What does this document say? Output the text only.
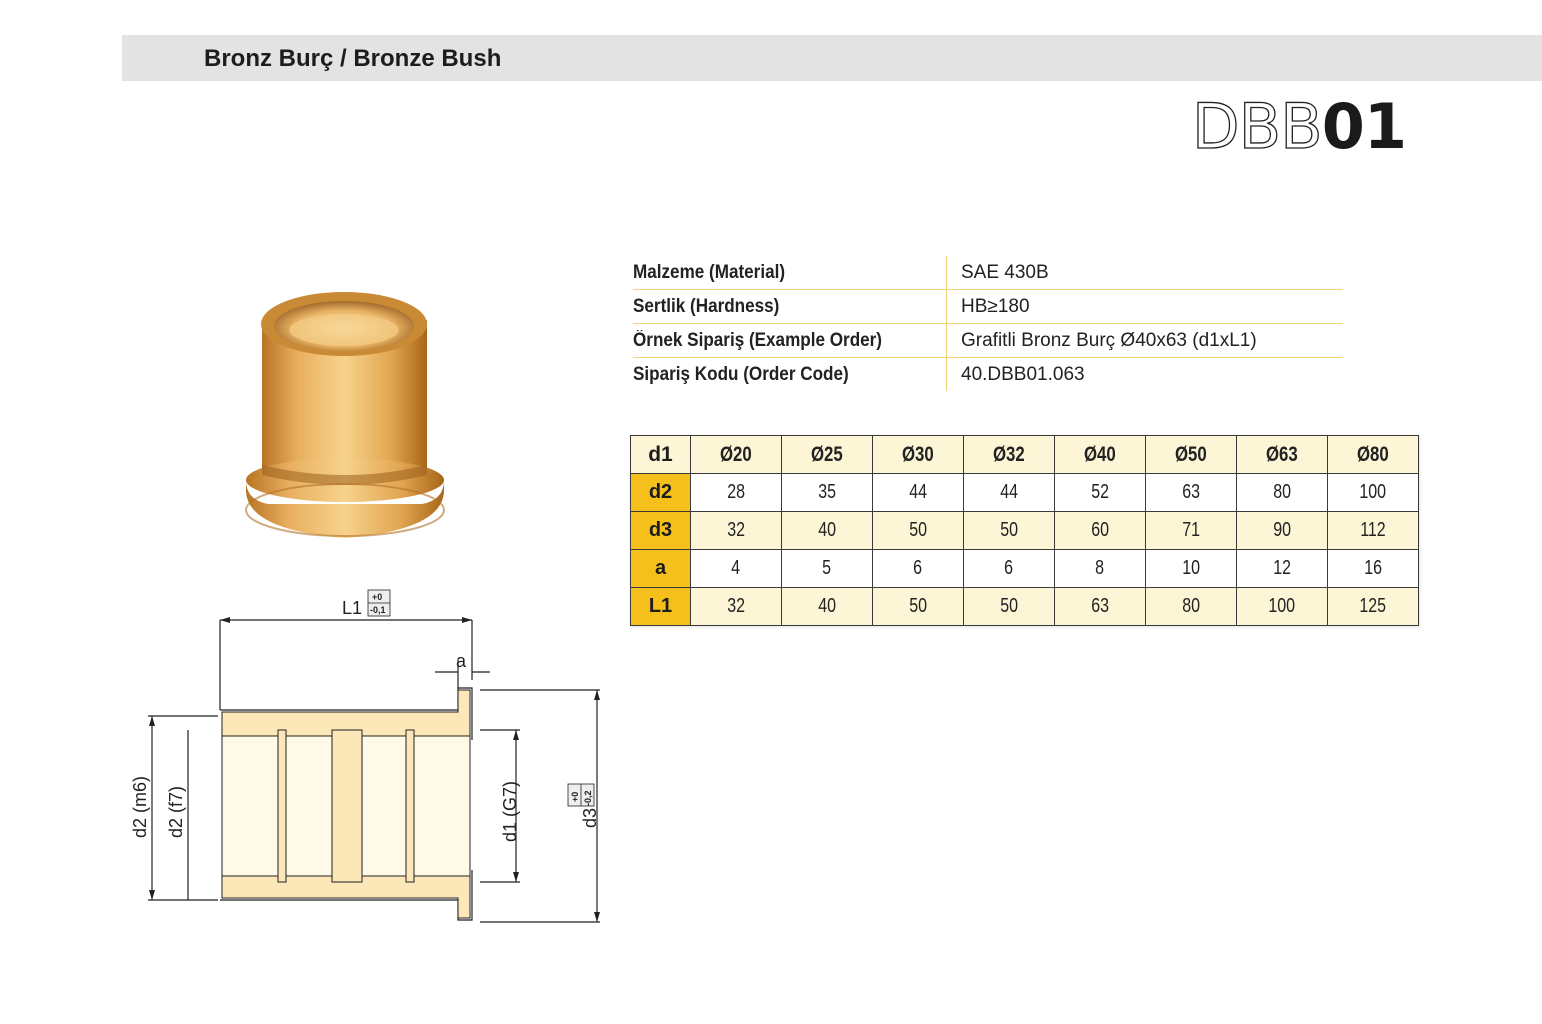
Bronz Burç / Bronze Bush
DBB01
L1
a
d2 (m6) d2 (f7)	d1 (G7)	d3
+0
-0,1
+0 -0,2
Malzeme (Material)	SAE 430B
Sertlik (Hardness)	HB≥180
Örnek Sipariş (Example Order)	Grafitli Bronz Burç Ø40x63 (d1xL1)
Sipariş Kodu (Order Code)	40.DBB01.063
d1	Ø20	Ø25	Ø30	Ø32	Ø40	Ø50	Ø63	Ø80
d2	28	35	44	44	52	63	80	100
d3	32	40	50	50	60	71	90	112
a	4	5	6	6	8	10	12	16
L1	32	40	50	50	63	80	100	125
